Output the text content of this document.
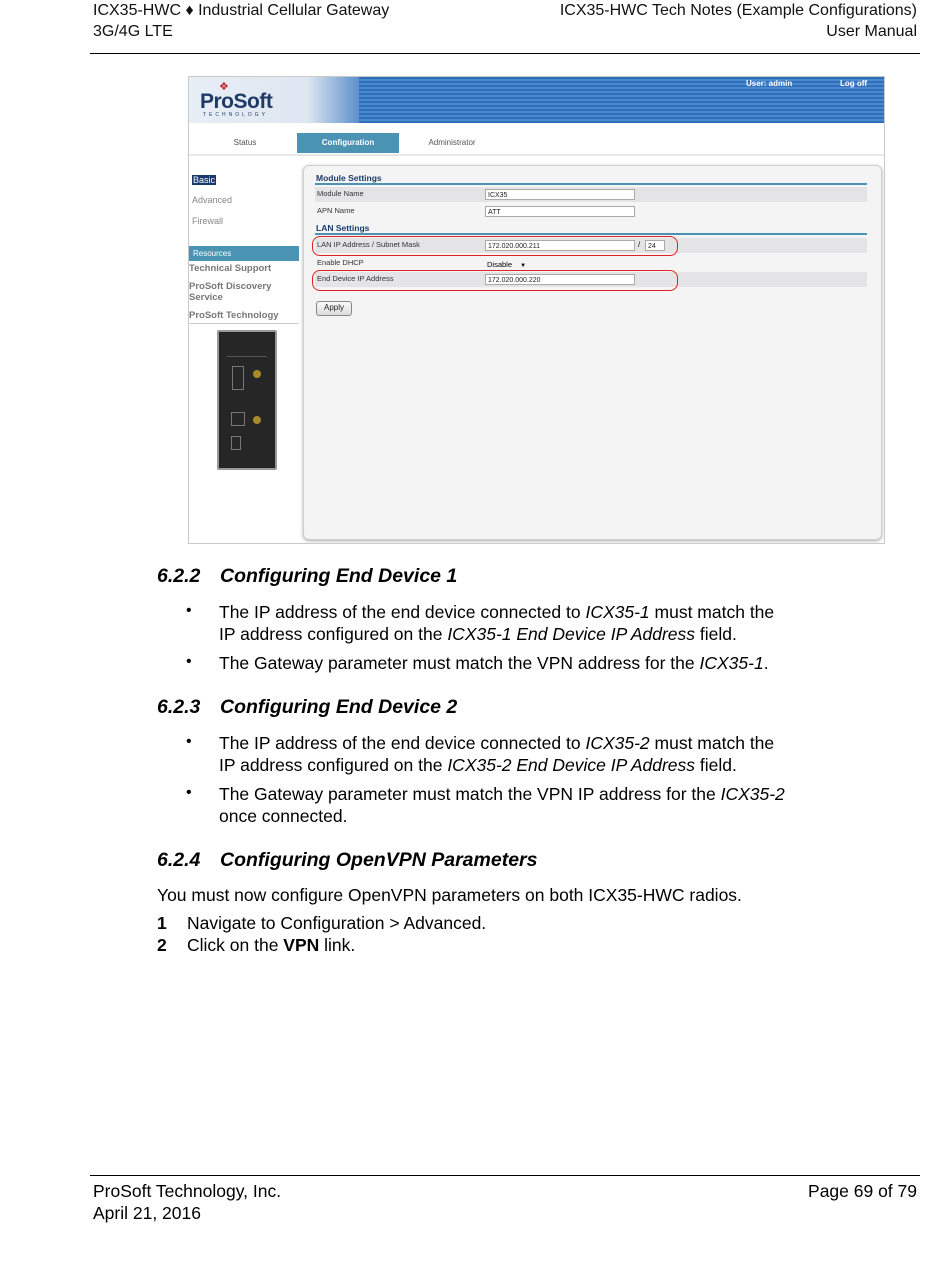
ICX35-HWC ♦ Industrial Cellular Gateway
3G/4G LTE
ICX35-HWC Tech Notes (Example Configurations)
User Manual
❖
ProSoft
TECHNOLOGY
User: admin	Log off
Status	Configuration	Administrator
Basic
Advanced
Firewall
Resources
Technical Support
ProSoft Discovery Service
ProSoft Technology
Module Settings
Module Name	ICX35
APN Name	ATT
LAN Settings
LAN IP Address / Subnet Mask	172.020.000.211	/	24
Enable DHCP	Disable ▼
End Device IP Address	172.020.000.220
Apply
6.2.2 Configuring End Device 1
• The IP address of the end device connected to ICX35-1 must match the
IP address configured on the ICX35-1 End Device IP Address field.
• The Gateway parameter must match the VPN address for the ICX35-1.
6.2.3 Configuring End Device 2
• The IP address of the end device connected to ICX35-2 must match the
IP address configured on the ICX35-2 End Device IP Address field.
• The Gateway parameter must match the VPN IP address for the ICX35-2
once connected.
6.2.4 Configuring OpenVPN Parameters
You must now configure OpenVPN parameters on both ICX35-HWC radios.
1 Navigate to Configuration > Advanced.
2 Click on the VPN link.
ProSoft Technology, Inc.
April 21, 2016
Page 69 of 79
